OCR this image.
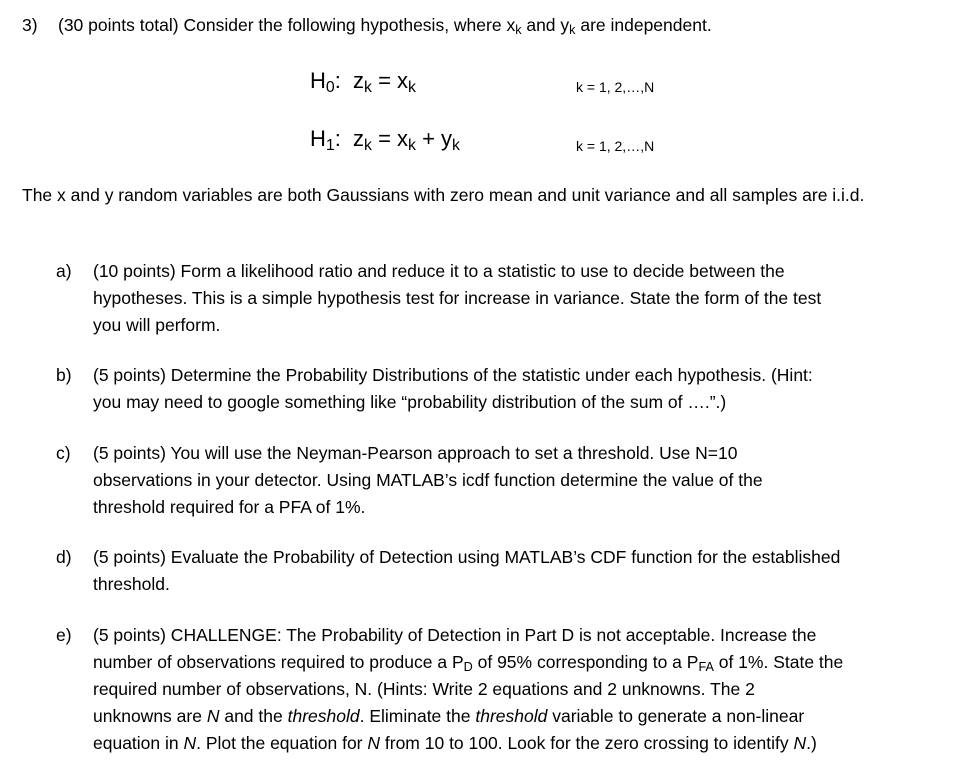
3) (30 points total) Consider the following hypothesis, where $x_k$ and $y_k$ are independent.
$H_0$:  $z_k = x_k$	k = 1, 2,…,N
$H_1$:  $z_k = x_k + y_k$	k = 1, 2,…,N
The x and y random variables are both Gaussians with zero mean and unit variance and all samples are i.i.d.
a)	(10 points) Form a likelihood ratio and reduce it to a statistic to use to decide between the
hypotheses. This is a simple hypothesis test for increase in variance. State the form of the test
you will perform.
b)	(5 points) Determine the Probability Distributions of the statistic under each hypothesis. (Hint:
you may need to google something like “probability distribution of the sum of ….”.)
c)	(5 points) You will use the Neyman-Pearson approach to set a threshold. Use N=10
observations in your detector. Using MATLAB’s icdf function determine the value of the
threshold required for a PFA of 1%.
d)	(5 points) Evaluate the Probability of Detection using MATLAB’s CDF function for the established
threshold.
e)	(5 points) CHALLENGE: The Probability of Detection in Part D is not acceptable. Increase the
number of observations required to produce a $P_D$ of 95% corresponding to a $P_{FA}$ of 1%. State the
required number of observations, N. (Hints: Write 2 equations and 2 unknowns. The 2
unknowns are N and the threshold. Eliminate the threshold variable to generate a non-linear
equation in N. Plot the equation for N from 10 to 100. Look for the zero crossing to identify N.)
